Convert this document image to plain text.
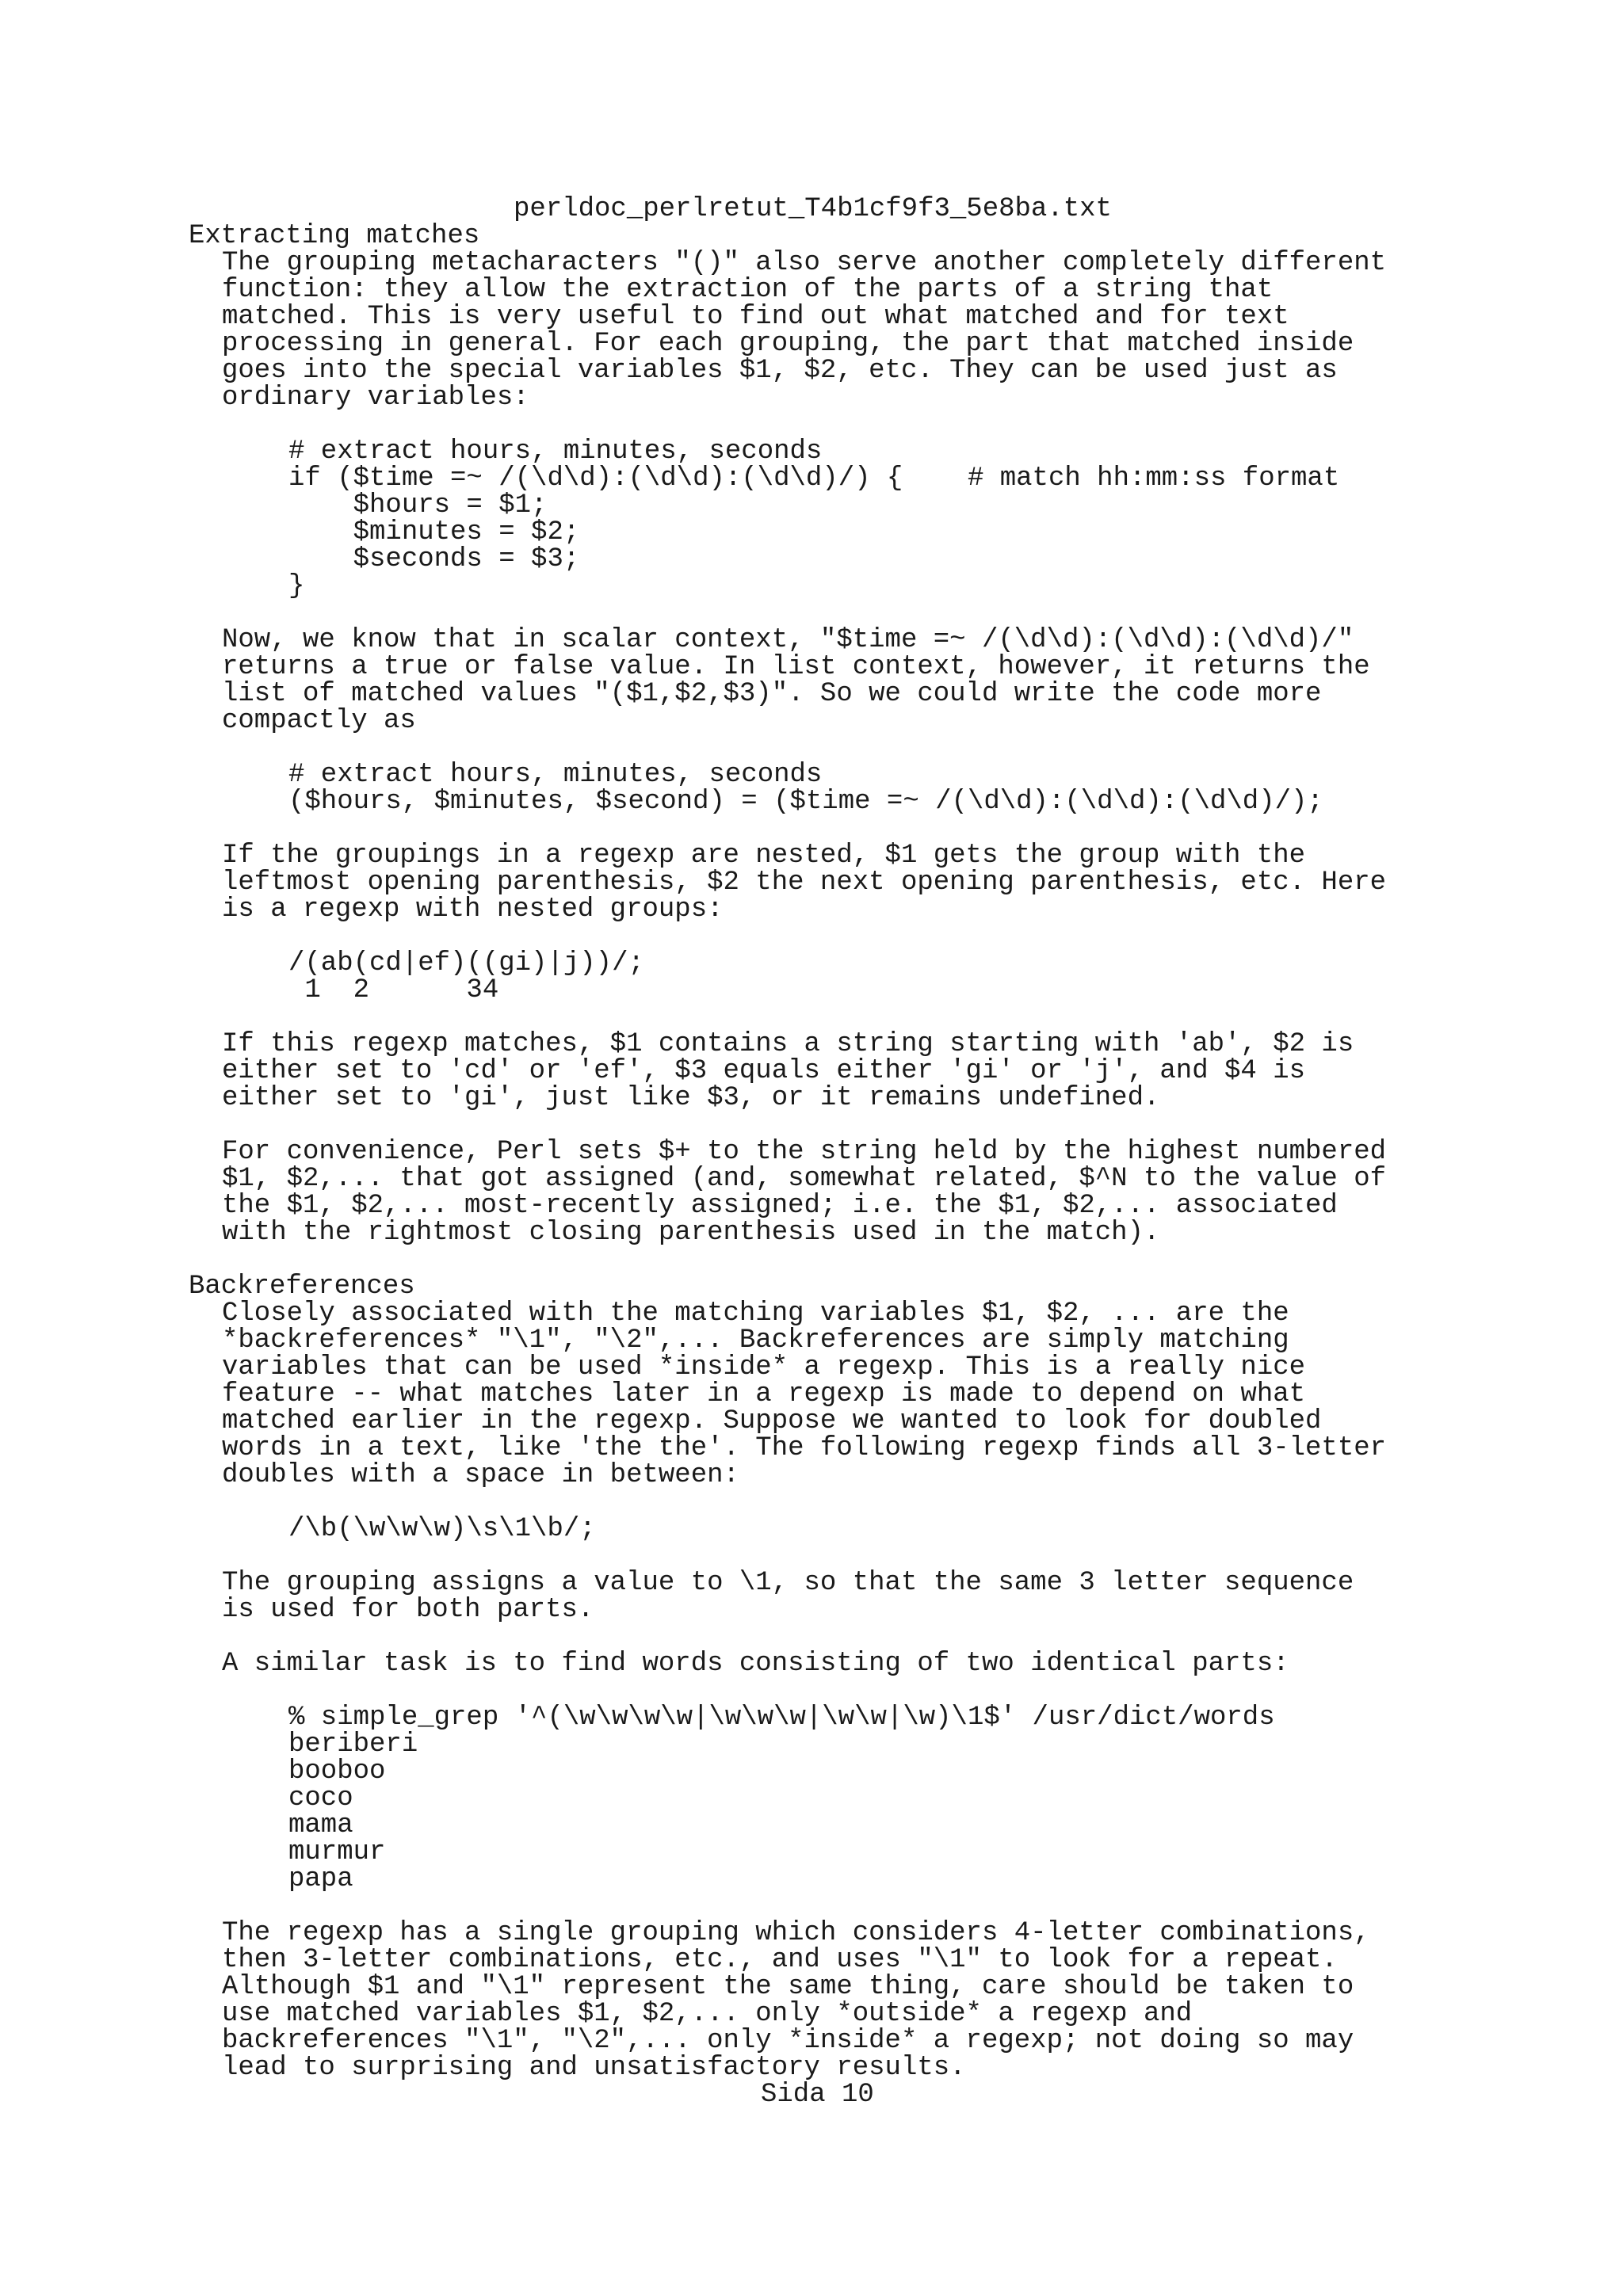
perldoc_perlretut_T4b1cf9f3_5e8ba.txt
Extracting matches
The grouping metacharacters "()" also serve another completely different
function: they allow the extraction of the parts of a string that
matched. This is very useful to find out what matched and for text
processing in general. For each grouping, the part that matched inside
goes into the special variables $1, $2, etc. They can be used just as
ordinary variables:
# extract hours, minutes, seconds
if ($time =~ /(\d\d):(\d\d):(\d\d)/) {    # match hh:mm:ss format
$hours = $1;
$minutes = $2;
$seconds = $3;
}
Now, we know that in scalar context, "$time =~ /(\d\d):(\d\d):(\d\d)/"
returns a true or false value. In list context, however, it returns the
list of matched values "($1,$2,$3)". So we could write the code more
compactly as
# extract hours, minutes, seconds
($hours, $minutes, $second) = ($time =~ /(\d\d):(\d\d):(\d\d)/);
If the groupings in a regexp are nested, $1 gets the group with the
leftmost opening parenthesis, $2 the next opening parenthesis, etc. Here
is a regexp with nested groups:
/(ab(cd|ef)((gi)|j))/;
1  2      34
If this regexp matches, $1 contains a string starting with 'ab', $2 is
either set to 'cd' or 'ef', $3 equals either 'gi' or 'j', and $4 is
either set to 'gi', just like $3, or it remains undefined.
For convenience, Perl sets $+ to the string held by the highest numbered
$1, $2,... that got assigned (and, somewhat related, $^N to the value of
the $1, $2,... most-recently assigned; i.e. the $1, $2,... associated
with the rightmost closing parenthesis used in the match).
Backreferences
Closely associated with the matching variables $1, $2, ... are the
*backreferences* "\1", "\2",... Backreferences are simply matching
variables that can be used *inside* a regexp. This is a really nice
feature -- what matches later in a regexp is made to depend on what
matched earlier in the regexp. Suppose we wanted to look for doubled
words in a text, like 'the the'. The following regexp finds all 3-letter
doubles with a space in between:
/\b(\w\w\w)\s\1\b/;
The grouping assigns a value to \1, so that the same 3 letter sequence
is used for both parts.
A similar task is to find words consisting of two identical parts:
% simple_grep '^(\w\w\w\w|\w\w\w|\w\w|\w)\1$' /usr/dict/words
beriberi
booboo
coco
mama
murmur
papa
The regexp has a single grouping which considers 4-letter combinations,
then 3-letter combinations, etc., and uses "\1" to look for a repeat.
Although $1 and "\1" represent the same thing, care should be taken to
use matched variables $1, $2,... only *outside* a regexp and
backreferences "\1", "\2",... only *inside* a regexp; not doing so may
lead to surprising and unsatisfactory results.
Sida 10
